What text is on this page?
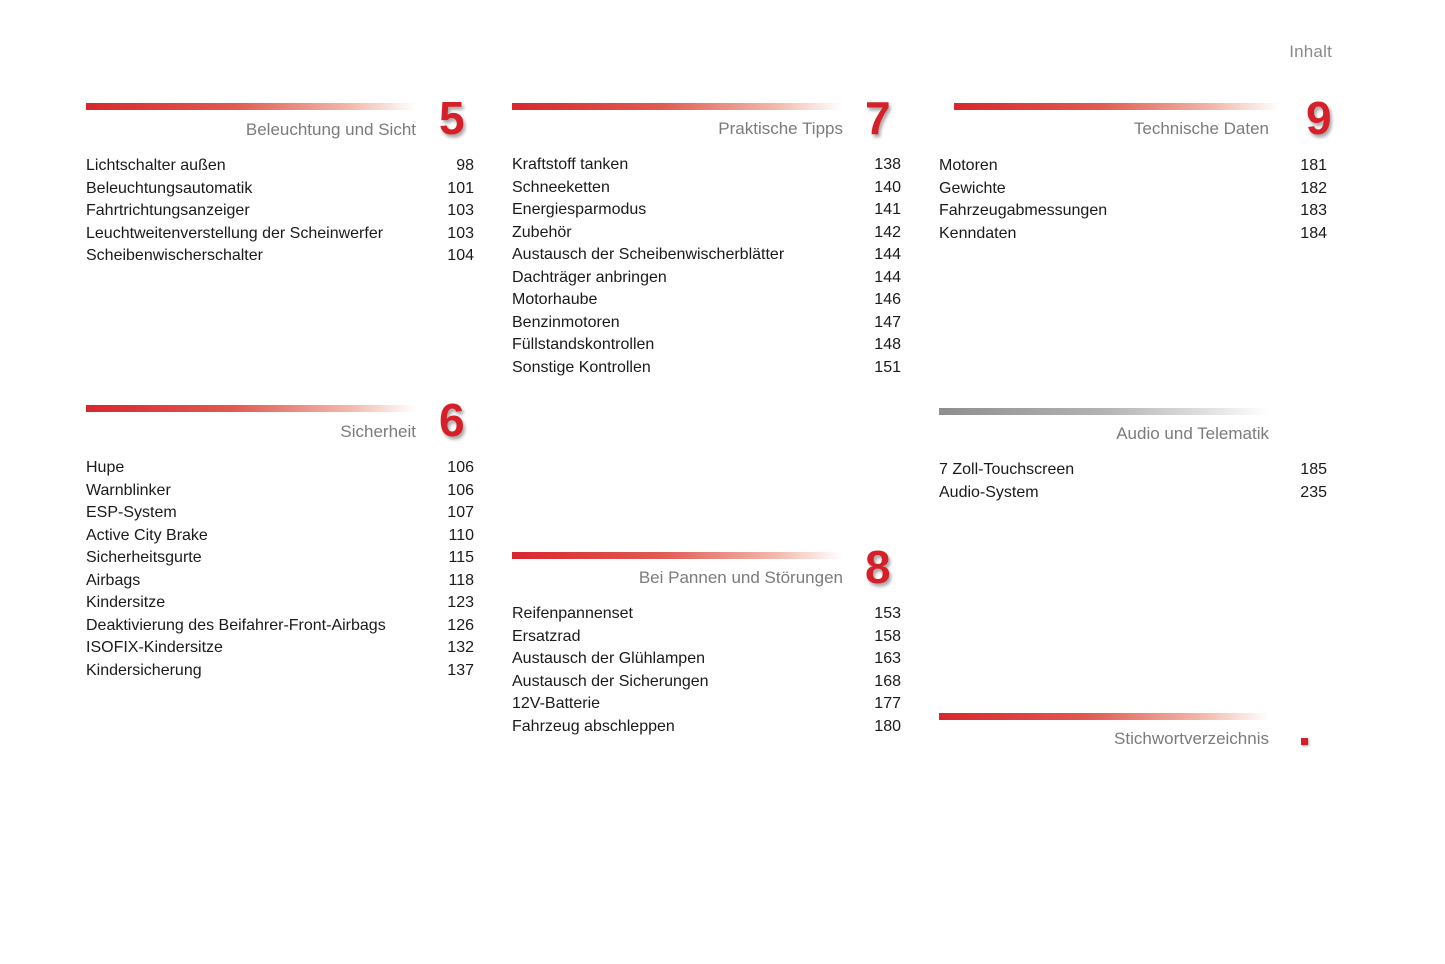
Inhalt
Beleuchtung und Sicht 5
Lichtschalter außen	98
Beleuchtungsautomatik	101
Fahrtrichtungsanzeiger	103
Leuchtweitenverstellung der Scheinwerfer	103
Scheibenwischerschalter	104
Sicherheit 6
Hupe	106
Warnblinker	106
ESP-System	107
Active City Brake	110
Sicherheitsgurte	115
Airbags	118
Kindersitze	123
Deaktivierung des Beifahrer-Front-Airbags	126
ISOFIX-Kindersitze	132
Kindersicherung	137
Praktische Tipps 7
Kraftstoff tanken	138
Schneeketten	140
Energiesparmodus	141
Zubehör	142
Austausch der Scheibenwischerblätter	144
Dachträger anbringen	144
Motorhaube	146
Benzinmotoren	147
Füllstandskontrollen	148
Sonstige Kontrollen	151
Bei Pannen und Störungen 8
Reifenpannenset	153
Ersatzrad	158
Austausch der Glühlampen	163
Austausch der Sicherungen	168
12V-Batterie	177
Fahrzeug abschleppen	180
Technische Daten 9
Motoren	181
Gewichte	182
Fahrzeugabmessungen	183
Kenndaten	184
Audio und Telematik
7 Zoll-Touchscreen	185
Audio-System	235
Stichwortverzeichnis
